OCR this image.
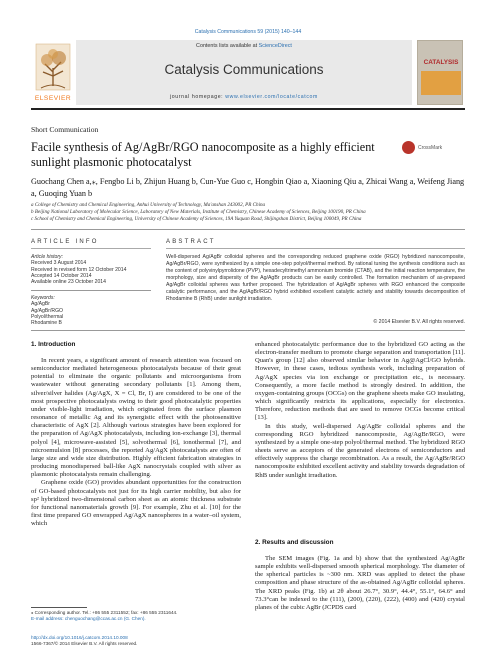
Catalysis Communications 59 (2015) 140–144
ELSEVIER
Contents lists available at ScienceDirect
Catalysis Communications
journal homepage: www.elsevier.com/locate/catcom
CATALYSIS
Short Communication
Facile synthesis of Ag/AgBr/RGO nanocomposite as a highly efficient sunlight plasmonic photocatalyst
CrossMark
Guochang Chen a,⁎, Fengbo Li b, Zhijun Huang b, Cun-Yue Guo c, Hongbin Qiao a, Xiaoning Qiu a, Zhicai Wang a, Weifeng Jiang a, Guoqing Yuan b
a College of Chemistry and Chemical Engineering, Anhui University of Technology, Ma'anshan 243002, PR China
b Beijing National Laboratory of Molecular Science, Laboratory of New Materials, Institute of Chemistry, Chinese Academy of Sciences, Beijing 100190, PR China
c School of Chemistry and Chemical Engineering, University of Chinese Academy of Sciences, 19A Yuquan Road, Shijingshan District, Beijing 100049, PR China
ARTICLE INFO	ABSTRACT
Article history:
Received 3 August 2014
Received in revised form 12 October 2014
Accepted 14 October 2014
Available online 23 October 2014
Keywords:
Ag/AgBr
Ag/AgBr/RGO
Polyol/thermal
Rhodamine B
Well-dispersed Ag/AgBr colloidal spheres and the corresponding reduced graphene oxide (RGO) hybridized nanocomposite, Ag/AgBr/RGO, were synthesized by a simple one-step polyol/thermal method. By rational tuning the synthesis conditions such as the content of polyvinylpyrrolidone (PVP), hexadecyltrimethyl ammonium bromide (CTAB), and the initial reaction temperature, the morphology, size and dispersity of the Ag/AgBr products can be easily controlled. The formation mechanism of as-prepared Ag/AgBr colloidal spheres was further proposed. The hybridization of Ag/AgBr spheres with RGO enhanced the composite catalytic performance, and the Ag/AgBr/RGO hybrid exhibited excellent catalytic activity and stability towards decomposition of Rhodamine B (RhB) under sunlight irradiation.
© 2014 Elsevier B.V. All rights reserved.
1. Introduction

In recent years, a significant amount of research attention was focused on semiconductor mediated heterogeneous photocatalysts because of their great potential to eliminate the organic pollutants and microorganisms from wastewater without generating secondary pollutants [1]. Among them, silver/silver halides (Ag/AgX, X = Cl, Br, I) are considered to be one of the most prospective photocatalysts owing to their good photocatalytic properties under visible-light irradiation, which originated from the surface plasmon resonance of metallic Ag and its synergistic effect with the photosensitive characteristic of AgX [2]. Although various strategies have been explored for the preparation of Ag/AgX photocatalysts, including ion-exchange [3], thermal polyol [4], microwave-assisted [5], solvothermal [6], ionothermal [7], and microemulsion [8] processes, the reported Ag/AgX photocatalysts are often of large size and wide size distribution. Highly efficient fabrication strategies in producing monodispersed ball-like AgX nanocrystals coupled with silver as plasmonic photocatalysts remain challenging.

Graphene oxide (GO) provides abundant opportunities for the construction of GO-based photocatalysts not just for its high carrier mobility, but also for sp² hybridized two-dimensional carbon sheet as an atomic thickness substrate for functional nanomaterials growth [9]. For example, Zhu et al. [10] for the first time prepared GO enwrapped Ag/AgX nanospheres in a water–oil system, which

enhanced photocatalytic performance due to the hybridized GO acting as the electron-transfer medium to promote charge separation and transportation [11]. Quan's group [12] also observed similar behavior in Ag@AgCl/GO hybrids. However, in these cases, tedious synthesis work, including preparation of Ag/AgX species via ion exchange or precipitation etc., is necessary. Consequently, a more facile method is strongly desired. In addition, the oxygen-containing groups (OCGs) on the graphene sheets make GO insulating, which significantly restricts its applications, especially for electronics. Therefore, reduction methods that are used to remove OCGs become critical [13].

In this study, well-dispersed Ag/AgBr colloidal spheres and the corresponding RGO hybridized nanocomposite, Ag/AgBr/RGO, were synthesized by a simple one-step polyol/thermal method. The hybridized RGO sheets serve as acceptors of the generated electrons of semiconductors and effectively suppress the charge recombination. As a result, the Ag/AgBr/RGO nanocomposite exhibited excellent activity and stability towards degradation of RhB under sunlight irradiation.

2. Results and discussion

The SEM images (Fig. 1a and b) show that the synthesized Ag/AgBr sample exhibits well-dispersed smooth spherical morphology. The diameter of the spherical particles is ~300 nm. XRD was applied to detect the phase composition and phase structure of the as-obtained Ag/AgBr colloidal spheres. The XRD peaks (Fig. 1b) at 2θ about 26.7°, 30.9°, 44.4°, 55.1°, 64.6° and 73.3°can be indexed to the (111), (200), (220), (222), (400) and (420) crystal planes of the cubic AgBr (JCPDS card

⁎ Corresponding author. Tel.: +86 555 2311552; fax: +86 555 2311644.
E-mail address: chenguochang@ccas.ac.cn (G. Chen).
http://dx.doi.org/10.1016/j.catcom.2014.10.008
1566-7367/© 2014 Elsevier B.V. All rights reserved.
